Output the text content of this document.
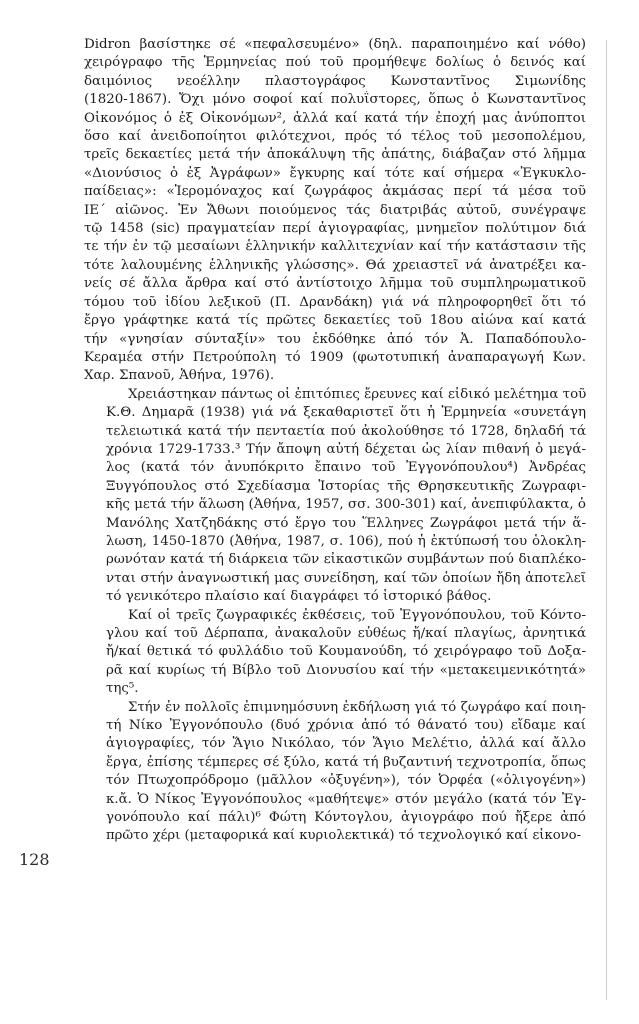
Didron βασίστηκε σέ «πεφαλσευμένο» (δηλ. παραποιημένο καί νόθο)
χειρόγραφο τῆς Ἑρμηνείας πού τοῦ προμήθεψε δολίως ὁ δεινός καί
δαιμόνιος νεοέλλην πλαστογράφος Κωνσταντῖνος Σιμωνίδης
(1820-1867). Ὄχι μόνο σοφοί καί πολυΐστορες, ὅπως ὁ Κωνσταντῖνος
Οἰκονόμος ὁ ἐξ Οἰκονόμων², ἀλλά καί κατά τήν ἐποχή μας ἀνύποπτοι
ὅσο καί ἀνειδοποίητοι φιλότεχνοι, πρός τό τέλος τοῦ μεσοπολέμου,
τρεῖς δεκαετίες μετά τήν ἀποκάλυψη τῆς ἀπάτης, διάβαζαν στό λῆμμα
«Διονύσιος ὁ ἐξ Ἀγράφων» ἔγκυρης καί τότε καί σήμερα «Ἐγκυκλο-
παίδειας»: «Ἱερομόναχος καί ζωγράφος ἀκμάσας περί τά μέσα τοῦ
ΙΕ΄ αἰῶνος. Ἐν Ἄθωνι ποιούμενος τάς διατριβάς αὐτοῦ, συνέγραψε
τῷ 1458 (sic) πραγματείαν περί ἁγιογραφίας, μνημεῖον πολύτιμον διά
τε τήν ἐν τῷ μεσαίωνι ἑλληνικήν καλλιτεχνίαν καί τήν κατάστασιν τῆς
τότε λαλουμένης ἑλληνικῆς γλώσσης». Θά χρειαστεῖ νά ἀνατρέξει κα-
νείς σέ ἄλλα ἄρθρα καί στό ἀντίστοιχο λῆμμα τοῦ συμπληρωματικοῦ
τόμου τοῦ ἰδίου λεξικοῦ (Π. Δρανδάκη) γιά νά πληροφορηθεῖ ὅτι τό
ἔργο γράφτηκε κατά τίς πρῶτες δεκαετίες τοῦ 18ου αἰώνα καί κατά
τήν «γνησίαν σύνταξίν» του ἐκδόθηκε ἀπό τόν Ἀ. Παπαδόπουλο-
Κεραμέα στήν Πετρούπολη τό 1909 (φωτοτυπική ἀναπαραγωγή Κων.
Χαρ. Σπανοῦ, Ἀθήνα, 1976).
Χρειάστηκαν πάντως οἱ ἐπιτόπιες ἔρευνες καί εἰδικό μελέτημα τοῦ
Κ.Θ. Δημαρᾶ (1938) γιά νά ξεκαθαριστεῖ ὅτι ἡ Ἑρμηνεία «συνετάγη
τελειωτικά κατά τήν πενταετία πού ἀκολούθησε τό 1728, δηλαδή τά
χρόνια 1729-1733.³ Τήν ἄποψη αὐτή δέχεται ὡς λίαν πιθανή ὁ μεγά-
λος (κατά τόν ἀνυπόκριτο ἔπαινο τοῦ Ἐγγονόπουλου⁴) Ἀνδρέας
Ξυγγόπουλος στό Σχεδίασμα Ἱστορίας τῆς Θρησκευτικῆς Ζωγραφι-
κῆς μετά τήν ἅλωση (Ἀθήνα, 1957, σσ. 300-301) καί, ἀνεπιφύλακτα, ὁ
Μανόλης Χατζηδάκης στό ἔργο του Ἕλληνες Ζωγράφοι μετά τήν ἅ-
λωση, 1450-1870 (Ἀθήνα, 1987, σ. 106), πού ἡ ἐκτύπωσή του ὁλοκλη-
ρωνόταν κατά τή διάρκεια τῶν εἰκαστικῶν συμβάντων πού διαπλέκο-
νται στήν ἀναγνωστική μας συνείδηση, καί τῶν ὁποίων ἤδη ἀποτελεῖ
τό γενικότερο πλαίσιο καί διαγράφει τό ἱστορικό βάθος.
Καί οἱ τρεῖς ζωγραφικές ἐκθέσεις, τοῦ Ἐγγονόπουλου, τοῦ Κόντο-
γλου καί τοῦ Δέρπαπα, ἀνακαλοῦν εὐθέως ἤ/καί πλαγίως, ἀρνητικά
ἤ/καί θετικά τό φυλλάδιο τοῦ Κουμανούδη, τό χειρόγραφο τοῦ Δοξα-
ρᾶ καί κυρίως τή Βίβλο τοῦ Διονυσίου καί τήν «μετακειμενικότητά»
της⁵.
Στήν ἐν πολλοῖς ἐπιμνημόσυνη ἐκδήλωση γιά τό ζωγράφο καί ποιη-
τή Νίκο Ἐγγονόπουλο (δυό χρόνια ἀπό τό θάνατό του) εἴδαμε καί
ἁγιογραφίες, τόν Ἅγιο Νικόλαο, τόν Ἅγιο Μελέτιο, ἀλλά καί ἄλλο
ἔργα, ἐπίσης τέμπερες σέ ξύλο, κατά τή βυζαντινή τεχνοτροπία, ὅπως
τόν Πτωχοπρόδρομο (μᾶλλον «ὀξυγένη»), τόν Ὀρφέα («ὀλιγογένη»)
κ.ἄ. Ὁ Νίκος Ἐγγονόπουλος «μαθήτεψε» στόν μεγάλο (κατά τόν Ἐγ-
γονόπουλο καί πάλι)⁶ Φώτη Κόντογλου, ἁγιογράφο πού ἤξερε ἀπό
πρῶτο χέρι (μεταφορικά καί κυριολεκτικά) τό τεχνολογικό καί εἰκονο-
128
